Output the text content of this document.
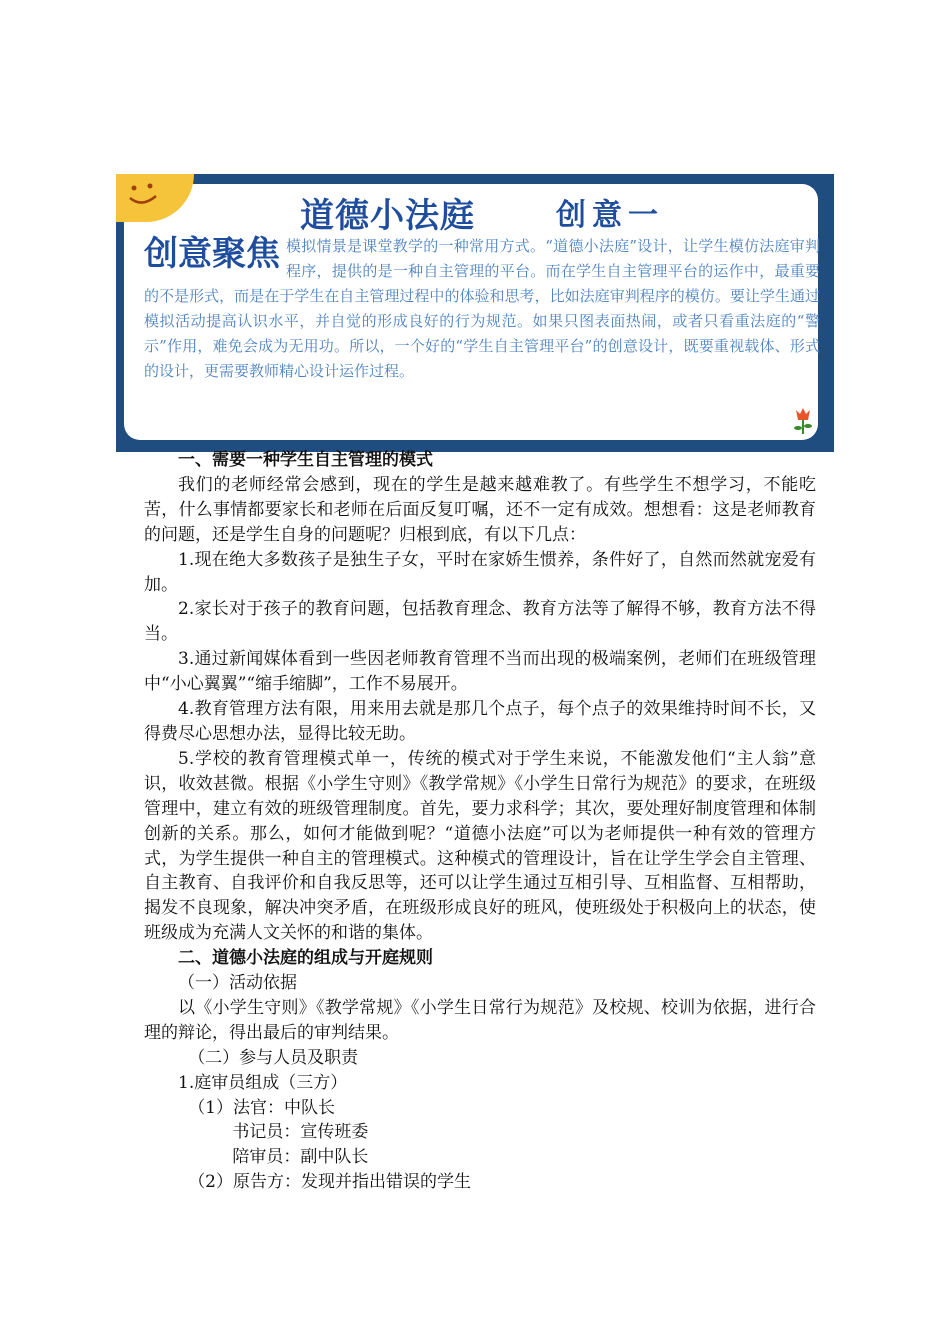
道德小法庭	创意一
创意聚焦 模拟情景是课堂教学的一种常用方式。“道德小法庭”设计，让学生模仿法庭审判程序，提供的是一种自主管理的平台。而在学生自主管理平台的运作中，最重要的不是形式，而是在于学生在自主管理过程中的体验和思考，比如法庭审判程序的模仿。要让学生通过模拟活动提高认识水平，并自觉的形成良好的行为规范。如果只图表面热闹，或者只看重法庭的“警示”作用，难免会成为无用功。所以，一个好的“学生自主管理平台”的创意设计，既要重视载体、形式的设计，更需要教师精心设计运作过程。

一、需要一种学生自主管理的模式

我们的老师经常会感到，现在的学生是越来越难教了。有些学生不想学习，不能吃苦，什么事情都要家长和老师在后面反复叮嘱，还不一定有成效。想想看：这是老师教育的问题，还是学生自身的问题呢？归根到底，有以下几点：

1.现在绝大多数孩子是独生子女，平时在家娇生惯养，条件好了，自然而然就宠爱有加。

2.家长对于孩子的教育问题，包括教育理念、教育方法等了解得不够，教育方法不得当。

3.通过新闻媒体看到一些因老师教育管理不当而出现的极端案例，老师们在班级管理中“小心翼翼”“缩手缩脚”，工作不易展开。

4.教育管理方法有限，用来用去就是那几个点子，每个点子的效果维持时间不长，又得费尽心思想办法，显得比较无助。

5.学校的教育管理模式单一，传统的模式对于学生来说，不能激发他们“主人翁”意识，收效甚微。根据《小学生守则》《教学常规》《小学生日常行为规范》的要求，在班级管理中，建立有效的班级管理制度。首先，要力求科学；其次，要处理好制度管理和体制创新的关系。那么，如何才能做到呢？“道德小法庭”可以为老师提供一种有效的管理方式，为学生提供一种自主的管理模式。这种模式的管理设计，旨在让学生学会自主管理、自主教育、自我评价和自我反思等，还可以让学生通过互相引导、互相监督、互相帮助，揭发不良现象，解决冲突矛盾，在班级形成良好的班风，使班级处于积极向上的状态，使班级成为充满人文关怀的和谐的集体。

二、道德小法庭的组成与开庭规则

（一）活动依据

以《小学生守则》《教学常规》《小学生日常行为规范》及校规、校训为依据，进行合理的辩论，得出最后的审判结果。

（二）参与人员及职责

1.庭审员组成（三方）

（1）法官：中队长

书记员：宣传班委

陪审员：副中队长

（2）原告方：发现并指出错误的学生
